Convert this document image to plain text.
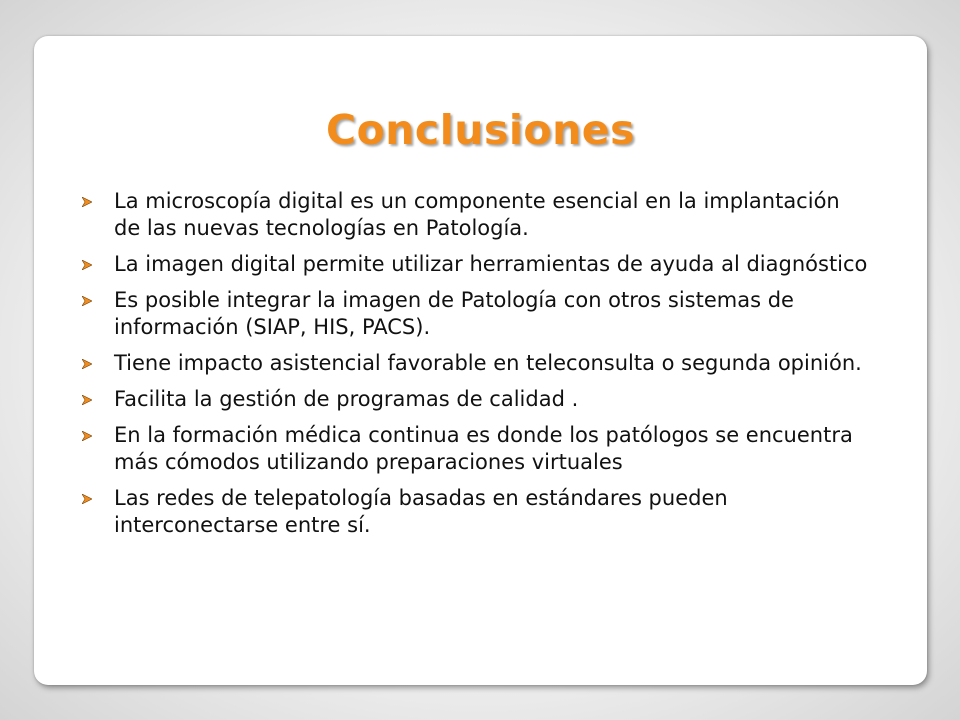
Conclusiones
La microscopía digital es un componente esencial en la implantación de las nuevas tecnologías en Patología.
La imagen digital permite utilizar herramientas de ayuda al diagnóstico
Es posible integrar la imagen de Patología con otros sistemas de información (SIAP, HIS, PACS).
Tiene impacto asistencial favorable en teleconsulta o segunda opinión.
Facilita la gestión de programas de calidad .
En la formación médica continua es donde los patólogos se encuentra más cómodos utilizando preparaciones virtuales
Las redes de telepatología basadas en estándares pueden interconectarse entre sí.
